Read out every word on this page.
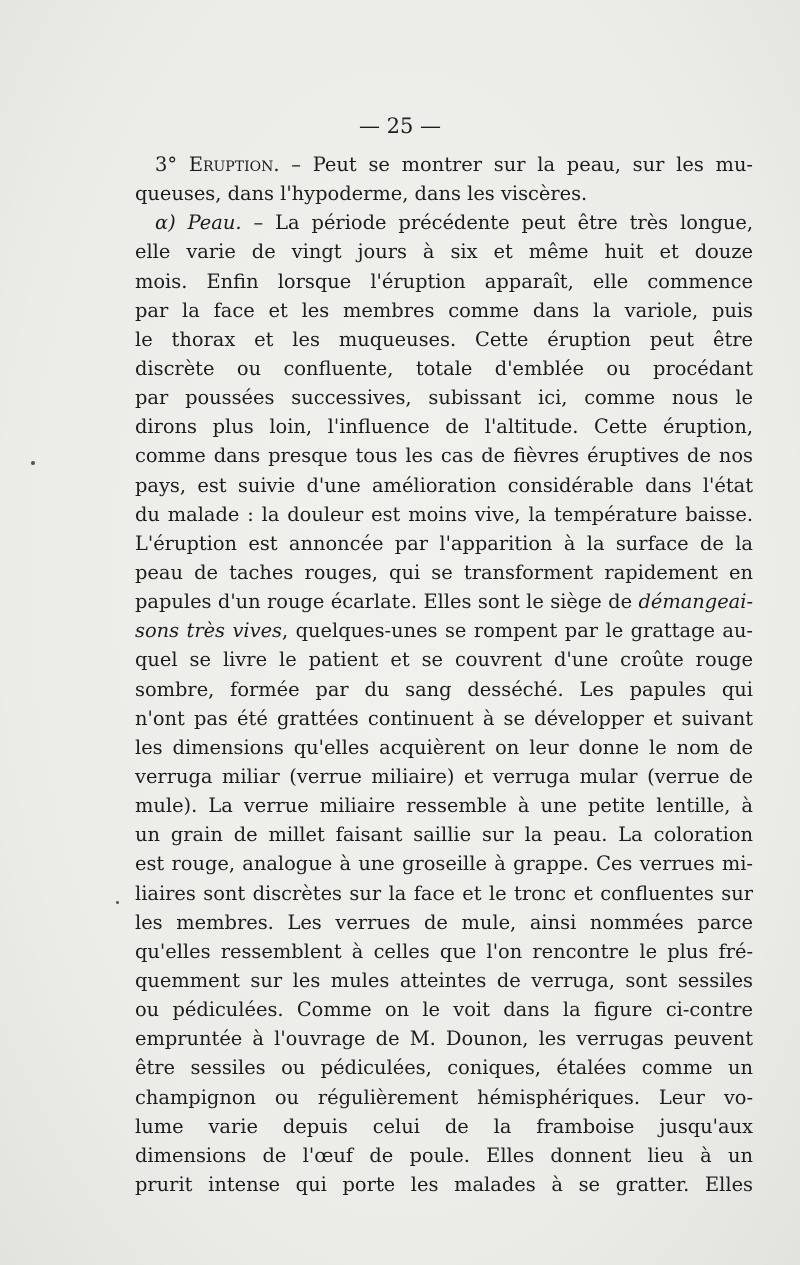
— 25 —
3° Eruption. – Peut se montrer sur la peau, sur les mu-
queuses, dans l'hypoderme, dans les viscères.
α) Peau. – La période précédente peut être très longue,
elle varie de vingt jours à six et même huit et douze
mois. Enfin lorsque l'éruption apparaît, elle commence
par la face et les membres comme dans la variole, puis
le thorax et les muqueuses. Cette éruption peut être
discrète ou confluente, totale d'emblée ou procédant
par poussées successives, subissant ici, comme nous le
dirons plus loin, l'influence de l'altitude. Cette éruption,
comme dans presque tous les cas de fièvres éruptives de nos
pays, est suivie d'une amélioration considérable dans l'état
du malade : la douleur est moins vive, la température baisse.
L'éruption est annoncée par l'apparition à la surface de la
peau de taches rouges, qui se transforment rapidement en
papules d'un rouge écarlate. Elles sont le siège de démangeai-
sons très vives, quelques-unes se rompent par le grattage au-
quel se livre le patient et se couvrent d'une croûte rouge
sombre, formée par du sang desséché. Les papules qui
n'ont pas été grattées continuent à se développer et suivant
les dimensions qu'elles acquièrent on leur donne le nom de
verruga miliar (verrue miliaire) et verruga mular (verrue de
mule). La verrue miliaire ressemble à une petite lentille, à
un grain de millet faisant saillie sur la peau. La coloration
est rouge, analogue à une groseille à grappe. Ces verrues mi-
liaires sont discrètes sur la face et le tronc et confluentes sur
les membres. Les verrues de mule, ainsi nommées parce
qu'elles ressemblent à celles que l'on rencontre le plus fré-
quemment sur les mules atteintes de verruga, sont sessiles
ou pédiculées. Comme on le voit dans la figure ci-contre
empruntée à l'ouvrage de M. Dounon, les verrugas peuvent
être sessiles ou pédiculées, coniques, étalées comme un
champignon ou régulièrement hémisphériques. Leur vo-
lume varie depuis celui de la framboise jusqu'aux
dimensions de l'œuf de poule. Elles donnent lieu à un
prurit intense qui porte les malades à se gratter. Elles
